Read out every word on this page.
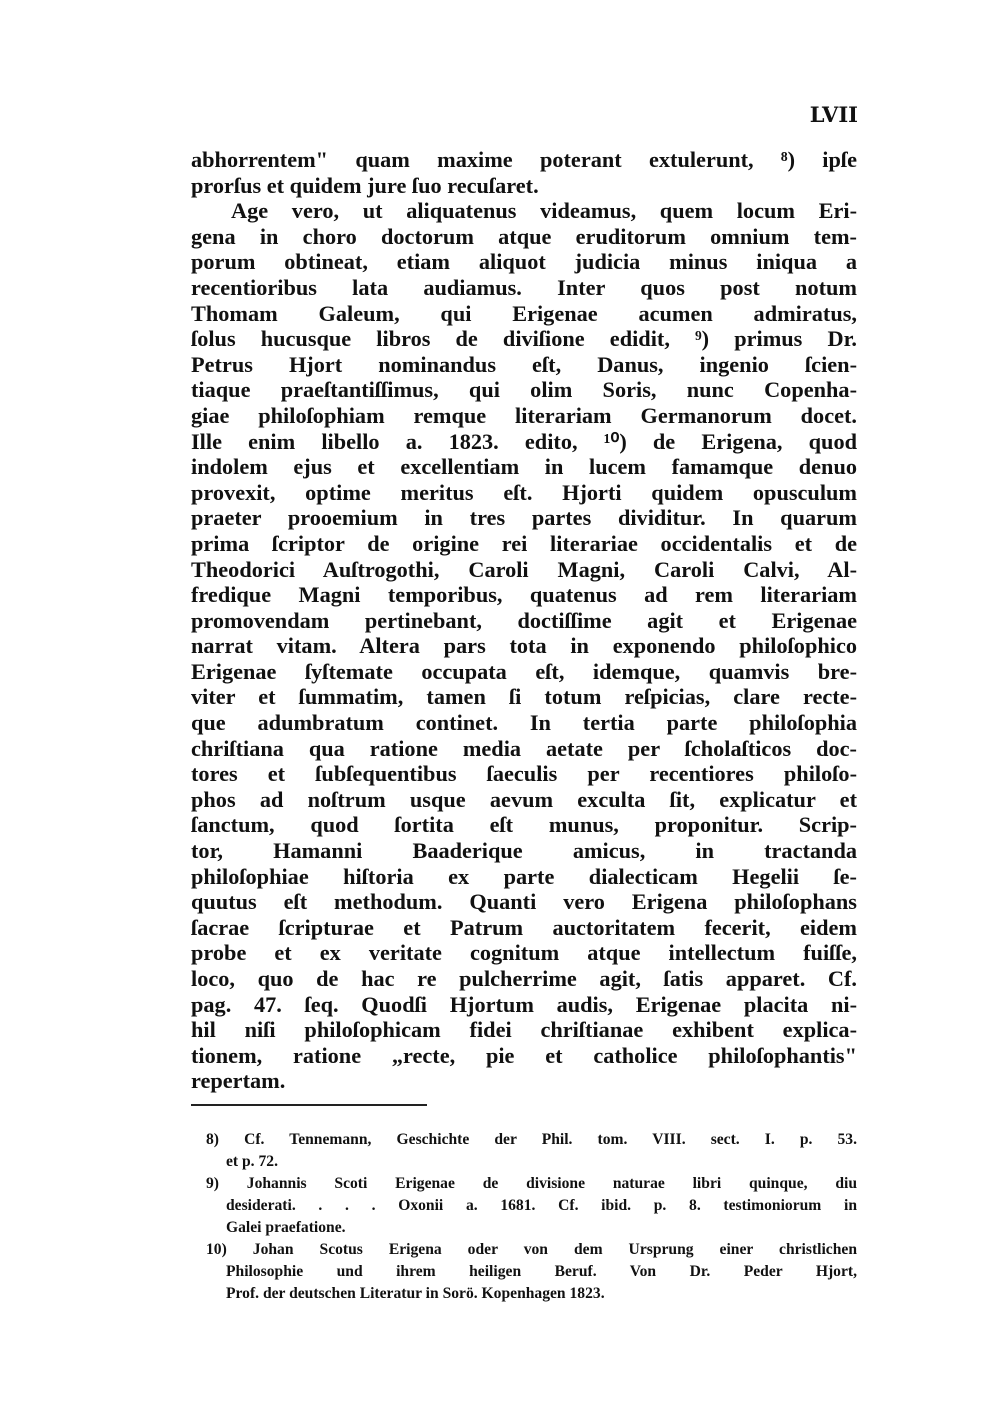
LVII
abhorrentem" quam maxime poterant extulerunt, ⁸) ipſe
prorſus et quidem jure ſuo recuſaret.
Age vero, ut aliquatenus videamus, quem locum Eri-
gena in choro doctorum atque eruditorum omnium tem-
porum obtineat, etiam aliquot judicia minus iniqua a
recentioribus lata audiamus. Inter quos post notum
Thomam Galeum, qui Erigenae acumen admiratus,
ſolus hucusque libros de diviſione edidit, ⁹) primus Dr.
Petrus Hjort nominandus eſt, Danus, ingenio ſcien-
tiaque praeſtantiſſimus, qui olim Soris, nunc Copenha-
giae philoſophiam remque literariam Germanorum docet.
Ille enim libello a. 1823. edito, ¹⁰) de Erigena, quod
indolem ejus et excellentiam in lucem famamque denuo
provexit, optime meritus eſt. Hjorti quidem opusculum
praeter prooemium in tres partes dividitur. In quarum
prima ſcriptor de origine rei literariae occidentalis et de
Theodorici Auſtrogothi, Caroli Magni, Caroli Calvi, Al-
fredique Magni temporibus, quatenus ad rem literariam
promovendam pertinebant, doctiſſime agit et Erigenae
narrat vitam. Altera pars tota in exponendo philoſophico
Erigenae ſyſtemate occupata eſt, idemque, quamvis bre-
viter et ſummatim, tamen ſi totum reſpicias, clare recte-
que adumbratum continet. In tertia parte philoſophia
chriſtiana qua ratione media aetate per ſcholaſticos doc-
tores et ſubſequentibus ſaeculis per recentiores philoſo-
phos ad noſtrum usque aevum exculta ſit, explicatur et
ſanctum, quod ſortita eſt munus, proponitur. Scrip-
tor, Hamanni Baaderique amicus, in tractanda
philoſophiae hiſtoria ex parte dialecticam Hegelii ſe-
quutus eſt methodum. Quanti vero Erigena philoſophans
ſacrae ſcripturae et Patrum auctoritatem fecerit, eidem
probe et ex veritate cognitum atque intellectum fuiſſe,
loco, quo de hac re pulcherrime agit, ſatis apparet. Cf.
pag. 47. ſeq. Quodſi Hjortum audis, Erigenae placita ni-
hil niſi philoſophicam fidei chriſtianae exhibent explica-
tionem, ratione „recte, pie et catholice philoſophantis"
repertam.
8) Cf. Tennemann, Geschichte der Phil. tom. VIII. sect. I. p. 53.
et p. 72.
9) Johannis Scoti Erigenae de divisione naturae libri quinque, diu
desiderati. . . . Oxonii a. 1681. Cf. ibid. p. 8. testimoniorum in
Galei praefatione.
10) Johan Scotus Erigena oder von dem Ursprung einer christlichen
Philosophie und ihrem heiligen Beruf. Von Dr. Peder Hjort,
Prof. der deutschen Literatur in Sorö. Kopenhagen 1823.
